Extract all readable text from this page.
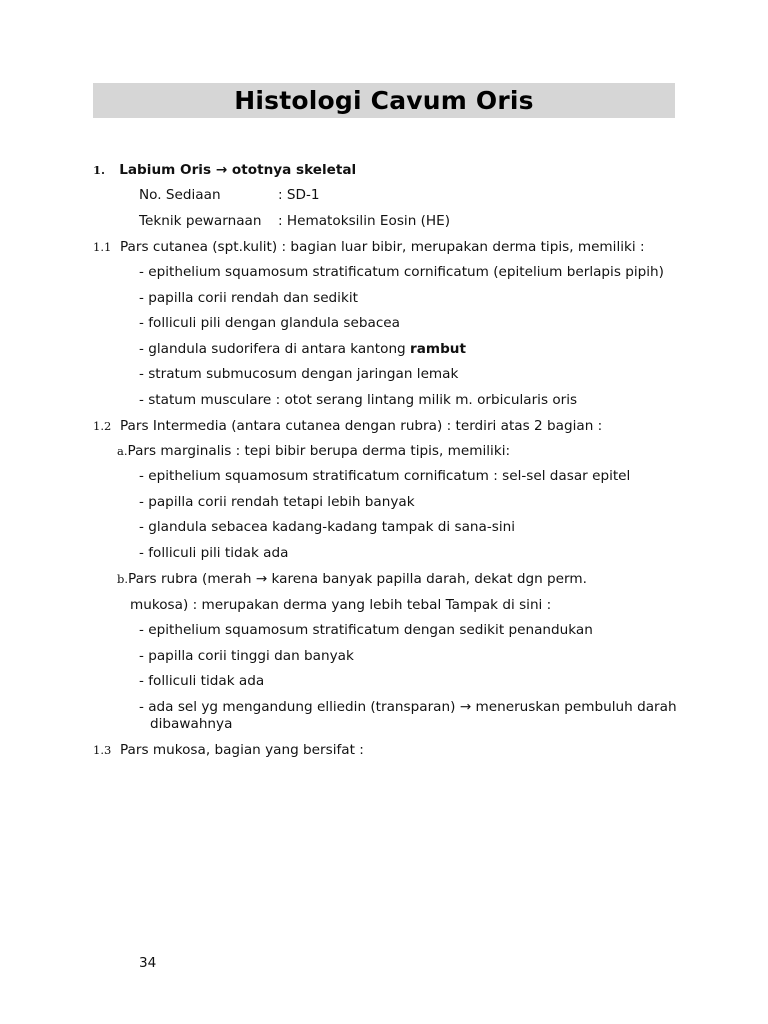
Histologi Cavum Oris
1. Labium Oris → ototnya skeletal
No. Sediaan	: SD-1
Teknik pewarnaan : Hematoksilin Eosin (HE)
1.1 Pars cutanea (spt.kulit) : bagian luar bibir, merupakan derma tipis, memiliki :
- epithelium squamosum stratificatum cornificatum (epitelium berlapis pipih)
- papilla corii rendah dan sedikit
- folliculi pili dengan glandula sebacea
- glandula sudorifera di antara kantong rambut
- stratum submucosum dengan jaringan lemak
- statum musculare : otot serang lintang milik m. orbicularis oris
1.2 Pars Intermedia (antara cutanea dengan rubra) : terdiri atas 2 bagian :
a.Pars marginalis : tepi bibir berupa derma tipis, memiliki:
- epithelium squamosum stratificatum cornificatum : sel-sel dasar epitel
- papilla corii rendah tetapi lebih banyak
- glandula sebacea kadang-kadang tampak di sana-sini
- folliculi pili tidak ada
b.Pars rubra (merah → karena banyak papilla darah, dekat dgn perm.
mukosa) : merupakan derma yang lebih tebal Tampak di sini :
- epithelium squamosum stratificatum dengan sedikit penandukan
- papilla corii tinggi dan banyak
- folliculi tidak ada
- ada sel yg mengandung elliedin (transparan) → meneruskan pembuluh darah
dibawahnya
1.3 Pars mukosa, bagian yang bersifat :
34
